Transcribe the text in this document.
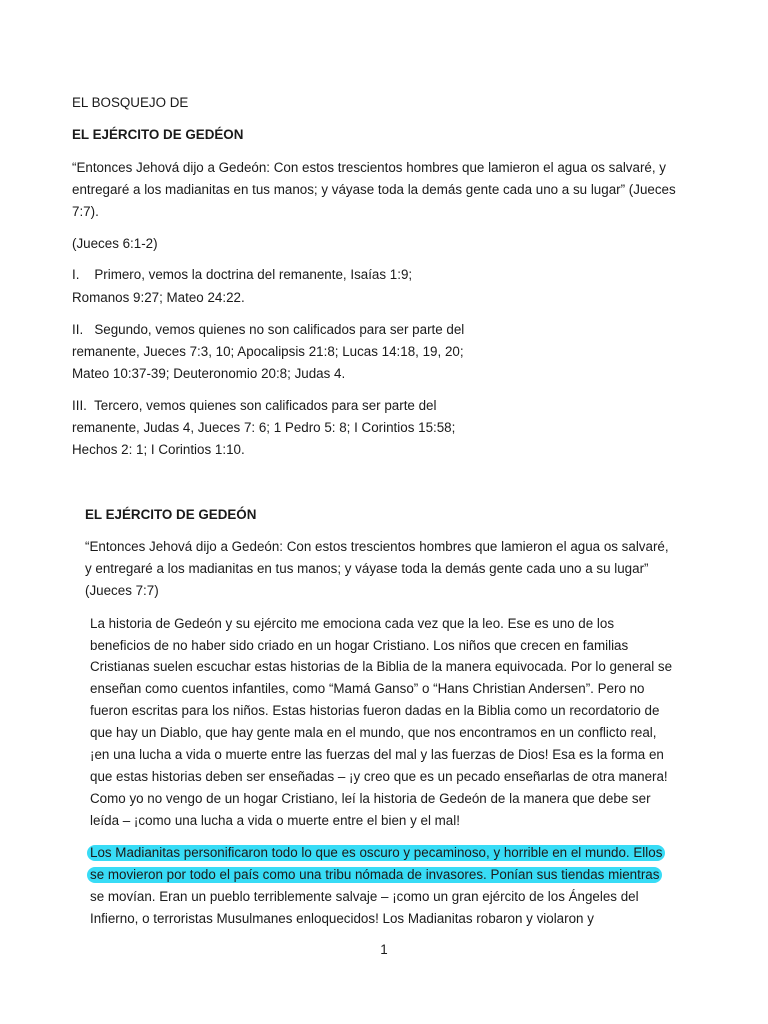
EL BOSQUEJO DE
EL EJÉRCITO DE GEDÉON
“Entonces Jehová dijo a Gedeón: Con estos trescientos hombres que lamieron el agua os salvaré, y
entregaré a los madianitas en tus manos; y váyase toda la demás gente cada uno a su lugar” (Jueces
7:7).
(Jueces 6:1-2)
I.    Primero, vemos la doctrina del remanente, Isaías 1:9;
Romanos 9:27; Mateo 24:22.
II.   Segundo, vemos quienes no son calificados para ser parte del
remanente, Jueces 7:3, 10; Apocalipsis 21:8; Lucas 14:18, 19, 20;
Mateo 10:37-39; Deuteronomio 20:8; Judas 4.
III.  Tercero, vemos quienes son calificados para ser parte del
remanente, Judas 4, Jueces 7: 6; 1 Pedro 5: 8; I Corintios 15:58;
Hechos 2: 1; I Corintios 1:10.
EL EJÉRCITO DE GEDEÓN
“Entonces Jehová dijo a Gedeón: Con estos trescientos hombres que lamieron el agua os salvaré,
y entregaré a los madianitas en tus manos; y váyase toda la demás gente cada uno a su lugar”
(Jueces 7:7)
La historia de Gedeón y su ejército me emociona cada vez que la leo. Ese es uno de los
beneficios de no haber sido criado en un hogar Cristiano. Los niños que crecen en familias
Cristianas suelen escuchar estas historias de la Biblia de la manera equivocada. Por lo general se
enseñan como cuentos infantiles, como “Mamá Ganso” o “Hans Christian Andersen”. Pero no
fueron escritas para los niños. Estas historias fueron dadas en la Biblia como un recordatorio de
que hay un Diablo, que hay gente mala en el mundo, que nos encontramos en un conflicto real,
¡en una lucha a vida o muerte entre las fuerzas del mal y las fuerzas de Dios! Esa es la forma en
que estas historias deben ser enseñadas – ¡y creo que es un pecado enseñarlas de otra manera!
Como yo no vengo de un hogar Cristiano, leí la historia de Gedeón de la manera que debe ser
leída – ¡como una lucha a vida o muerte entre el bien y el mal!
Los Madianitas personificaron todo lo que es oscuro y pecaminoso, y horrible en el mundo. Ellos
se movieron por todo el país como una tribu nómada de invasores. Ponían sus tiendas mientras
se movían. Eran un pueblo terriblemente salvaje – ¡como un gran ejército de los Ángeles del
Infierno, o terroristas Musulmanes enloquecidos! Los Madianitas robaron y violaron y
1
